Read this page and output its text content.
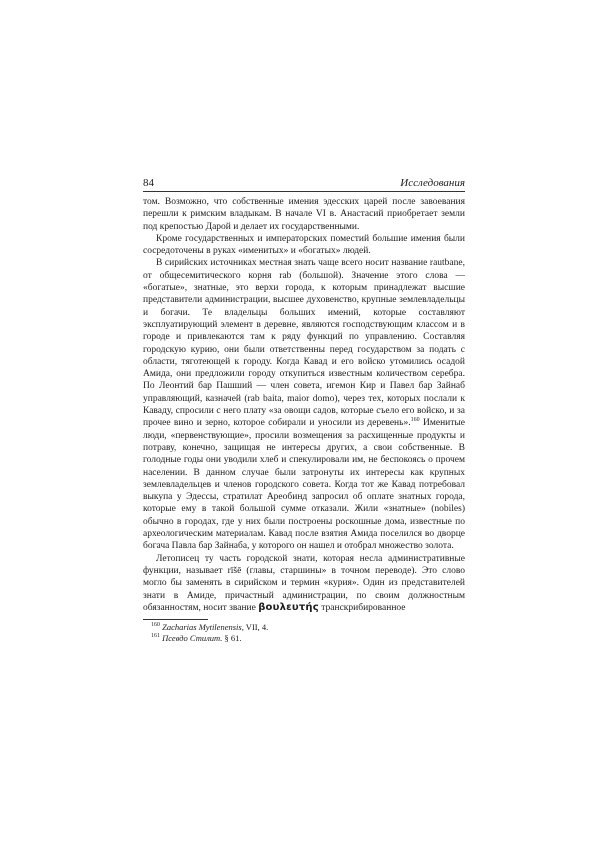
84	Исследования

том. Возможно, что собственные имения эдесских царей после завоевания перешли к римским владыкам. В начале VI в. Анастасий приобретает земли под крепостью Дарой и делает их государственными.

Кроме государственных и императорских поместий большие имения были сосредоточены в руках «именитых» и «богатых» людей.

В сирийских источниках местная знать чаще всего носит название rautbane, от общесемитического корня rab (большой). Значение этого слова — «богатые», знатные, это верхи города, к которым принадлежат высшие представители администрации, высшее духовенство, крупные землевладельцы и богачи. Те владельцы больших имений, которые составляют эксплуатирующий элемент в деревне, являются господствующим классом и в городе и привлекаются там к ряду функций по управлению. Составляя городскую курию, они были ответственны перед государством за подать с области, тяготеющей к городу. Когда Кавад и его войско утомились осадой Амида, они предложили городу откупиться известным количеством серебра. По Леонтий бар Пашший — член совета, игемон Кир и Павел бар Зайнаб управляющий, казначей (rab baita, maior domo), через тех, которых послали к Каваду, спросили с него плату «за овощи садов, которые съело его войско, и за прочее вино и зерно, которое собирали и уносили из деревень».$^{160}$ Именитые люди, «первенствующие», просили возмещения за расхищенные продукты и потраву, конечно, защищая не интересы других, а свои собственные. В голодные годы они уводили хлеб и спекулировали им, не беспокоясь о прочем населении. В данном случае были затронуты их интересы как крупных землевладельцев и членов городского совета. Когда тот же Кавад потребовал выкупа у Эдессы, стратилат Ареобинд запросил об оплате знатных города, которые ему в такой большой сумме отказали. Жили «знатные» (nobiles) обычно в городах, где у них были построены роскошные дома, известные по археологическим материалам. Кавад после взятия Амида поселился во дворце богача Павла бар Зайнаба, у которого он нашел и отобрал множество золота.

Летописец ту часть городской знати, которая несла административные функции, называет rīšē (главы, старшины» в точном переводе). Это слово могло бы заменять в сирийском и термин «курия». Один из представителей знати в Амиде, причастный администрации, по своим должностным обязанностям, носит звание βουλευτής транскрибированное

$^{160}$ Zacharias Mytilenensis, VII, 4.
$^{161}$ Псевдо Стилит. § 61.
